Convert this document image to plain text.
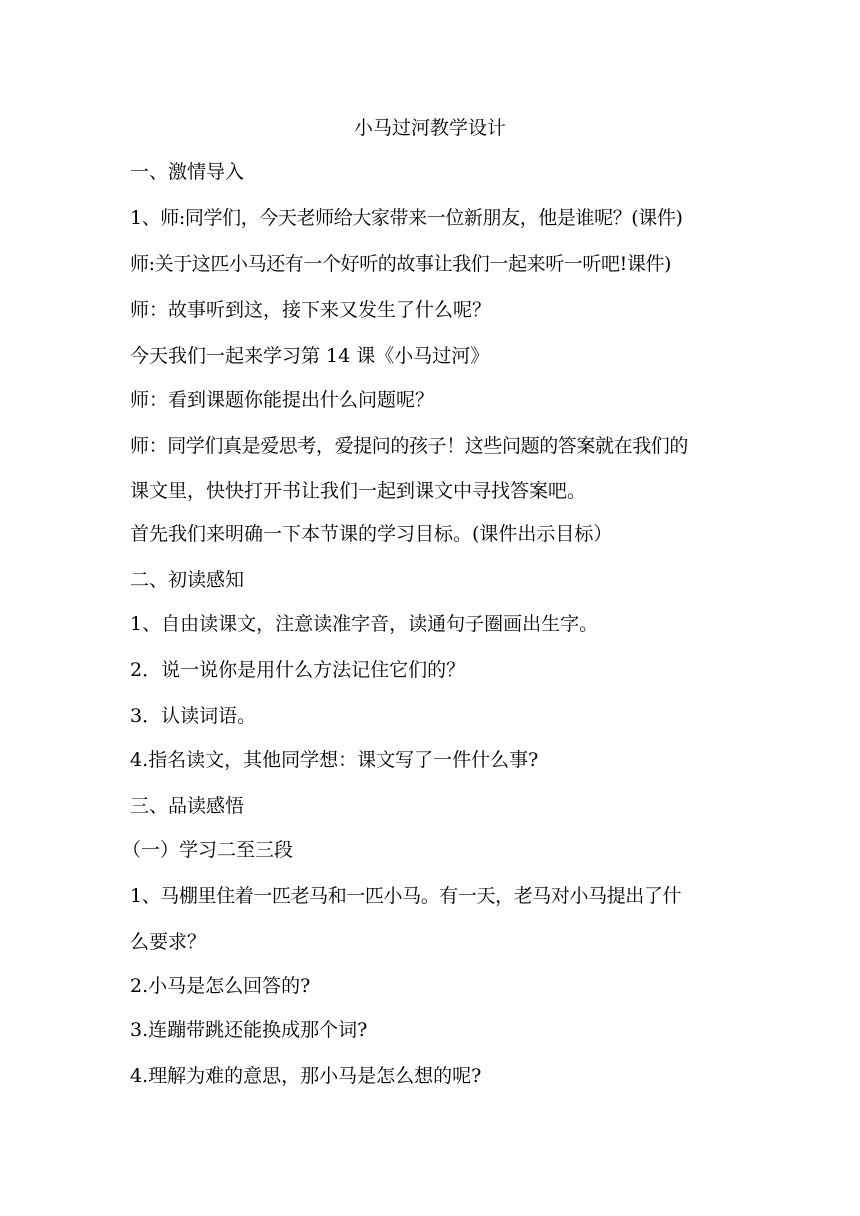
小马过河教学设计
一、激情导入
1、师:同学们，今天老师给大家带来一位新朋友，他是谁呢？(课件)
师:关于这匹小马还有一个好听的故事让我们一起来听一听吧!课件)
师：故事听到这，接下来又发生了什么呢？
今天我们一起来学习第 14 课《小马过河》
师：看到课题你能提出什么问题呢？
师：同学们真是爱思考，爱提问的孩子！这些问题的答案就在我们的
课文里，快快打开书让我们一起到课文中寻找答案吧。
首先我们来明确一下本节课的学习目标。(课件出示目标）
二、初读感知
1、自由读课文，注意读准字音，读通句子圈画出生字。
2．说一说你是用什么方法记住它们的？
3．认读词语。
4.指名读文，其他同学想：课文写了一件什么事?
三、品读感悟
（一）学习二至三段
1、马棚里住着一匹老马和一匹小马。有一天，老马对小马提出了什
么要求？
2.小马是怎么回答的?
3.连蹦带跳还能换成那个词?
4.理解为难的意思，那小马是怎么想的呢?
